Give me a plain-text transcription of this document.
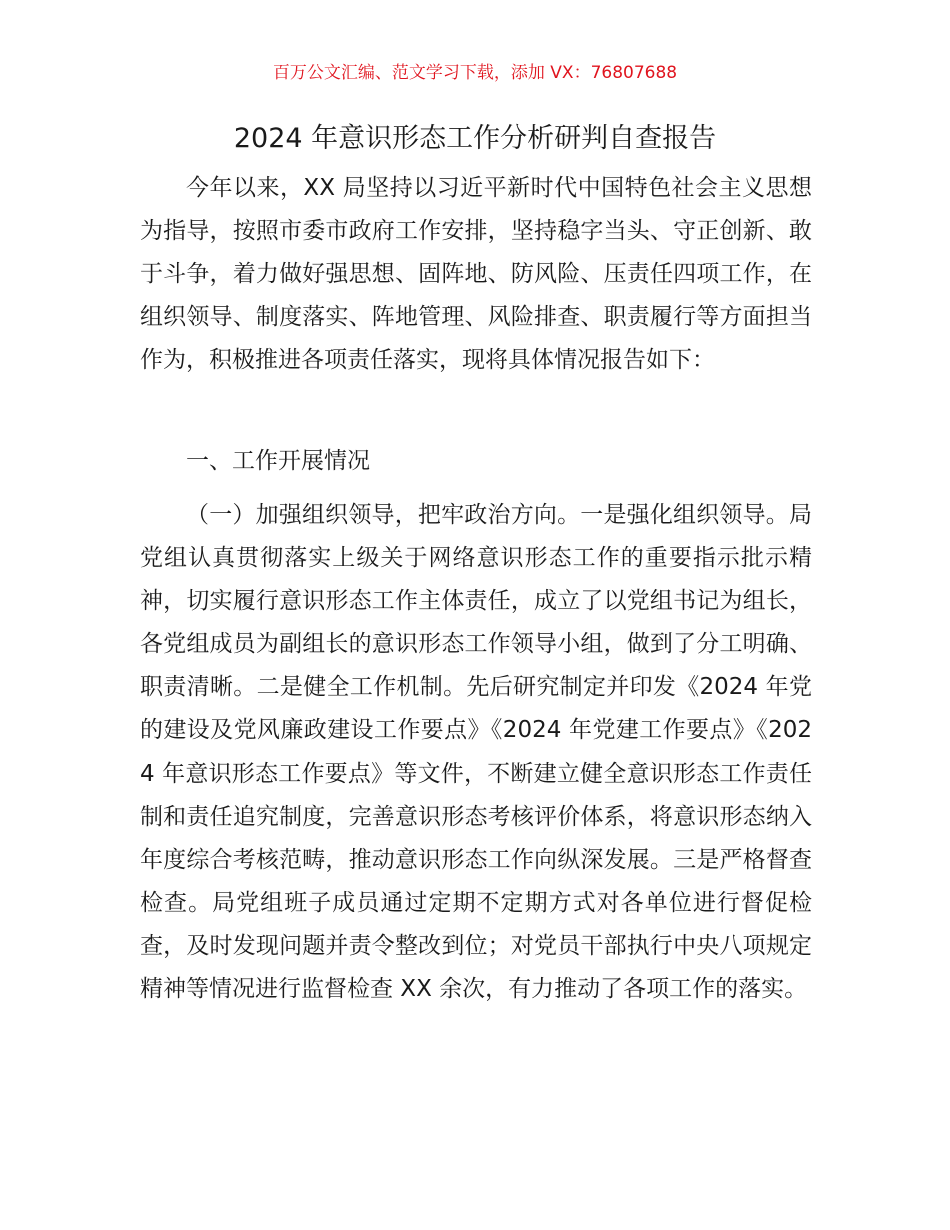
百万公文汇编、范文学习下载，添加 VX：76807688
2024 年意识形态工作分析研判自查报告

今年以来，XX 局坚持以习近平新时代中国特色社会主义思想为指导，按照市委市政府工作安排，坚持稳字当头、守正创新、敢于斗争，着力做好强思想、固阵地、防风险、压责任四项工作，在组织领导、制度落实、阵地管理、风险排查、职责履行等方面担当作为，积极推进各项责任落实，现将具体情况报告如下：

一、工作开展情况

（一）加强组织领导，把牢政治方向。一是强化组织领导。局党组认真贯彻落实上级关于网络意识形态工作的重要指示批示精神，切实履行意识形态工作主体责任，成立了以党组书记为组长，各党组成员为副组长的意识形态工作领导小组，做到了分工明确、职责清晰。二是健全工作机制。先后研究制定并印发《2024 年党的建设及党风廉政建设工作要点》《2024 年党建工作要点》《2024 年意识形态工作要点》等文件，不断建立健全意识形态工作责任制和责任追究制度，完善意识形态考核评价体系，将意识形态纳入年度综合考核范畴，推动意识形态工作向纵深发展。三是严格督查检查。局党组班子成员通过定期不定期方式对各单位进行督促检查，及时发现问题并责令整改到位；对党员干部执行中央八项规定精神等情况进行监督检查 XX 余次，有力推动了各项工作的落实。
